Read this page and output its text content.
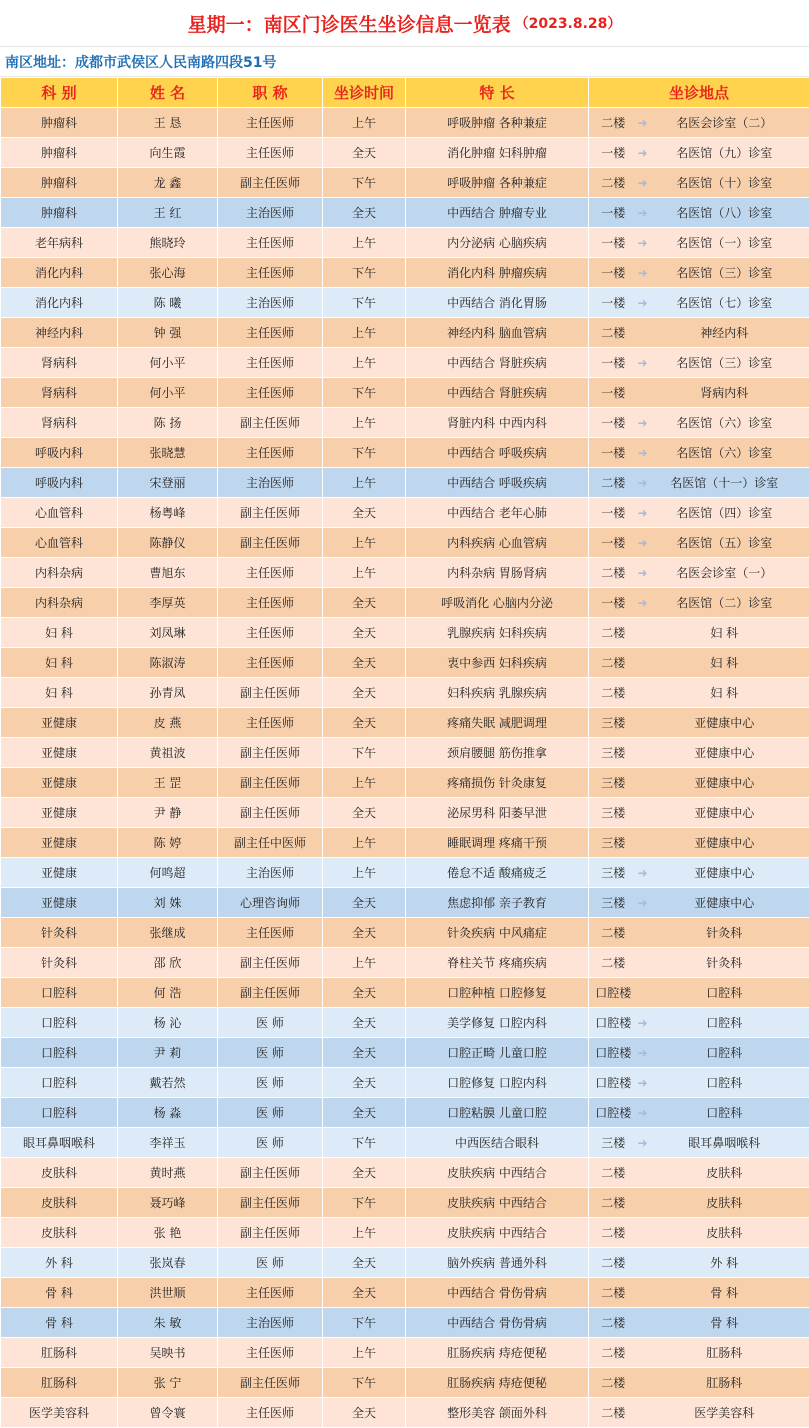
星期一：南区门诊医生坐诊信息一览表 （2023.8.28）
南区地址：成都市武侯区人民南路四段51号
科 别	姓 名	职 称	坐诊时间	特 长	坐诊地点	
肿瘤科	王 恳	主任医师	上午	呼吸肿瘤 各种兼症	二楼	➜ 名医会诊室（二）

肿瘤科	向生霞	主任医师	全天	消化肿瘤 妇科肿瘤	一楼	➜ 名医馆（九）诊室

肿瘤科	龙 鑫	副主任医师	下午	呼吸肿瘤 各种兼症	二楼	➜ 名医馆（十）诊室

肿瘤科	王 红	主治医师	全天	中西结合 肿瘤专业	一楼	➜ 名医馆（八）诊室

老年病科	熊晓玲	主任医师	上午	内分泌病 心脑疾病	一楼	➜ 名医馆（一）诊室

消化内科	张心海	主任医师	下午	消化内科 肿瘤疾病	一楼	➜ 名医馆（三）诊室

消化内科	陈 曦	主治医师	下午	中西结合 消化胃肠	一楼	➜ 名医馆（七）诊室

神经内科	钟 强	主任医师	上午	神经内科 脑血管病	二楼	神经内科

肾病科	何小平	主任医师	上午	中西结合 肾脏疾病	一楼	➜ 名医馆（三）诊室

肾病科	何小平	主任医师	下午	中西结合 肾脏疾病	一楼	肾病内科

肾病科	陈 扬	副主任医师	上午	肾脏内科 中西内科	一楼	➜ 名医馆（六）诊室

呼吸内科	张晓慧	主任医师	下午	中西结合 呼吸疾病	一楼	➜ 名医馆（六）诊室

呼吸内科	宋登丽	主治医师	上午	中西结合 呼吸疾病	二楼	➜ 名医馆（十一）诊室

心血管科	杨粤峰	副主任医师	全天	中西结合 老年心肺	一楼	➜ 名医馆（四）诊室

心血管科	陈静仪	副主任医师	上午	内科疾病 心血管病	一楼	➜ 名医馆（五）诊室

内科杂病	曹旭东	主任医师	上午	内科杂病 胃肠肾病	二楼	➜ 名医会诊室（一）

内科杂病	李厚英	主任医师	全天	呼吸消化 心脑内分泌	一楼	➜ 名医馆（二）诊室

妇 科	刘凤琳	主任医师	全天	乳腺疾病 妇科疾病	二楼	妇 科

妇 科	陈淑涛	主任医师	全天	衷中参西 妇科疾病	二楼	妇 科

妇 科	孙青凤	副主任医师	全天	妇科疾病 乳腺疾病	二楼	妇 科

亚健康	皮 燕	主任医师	全天	疼痛失眠 减肥调理	三楼	亚健康中心

亚健康	黄祖波	副主任医师	下午	颈肩腰腿 筋伤推拿	三楼	亚健康中心

亚健康	王 罡	副主任医师	上午	疼痛损伤 针灸康复	三楼	亚健康中心

亚健康	尹 静	副主任医师	全天	泌尿男科 阳萎早泄	三楼	亚健康中心

亚健康	陈 婷	副主任中医师	上午	睡眠调理 疼痛干预	三楼	亚健康中心

亚健康	何鸣超	主治医师	上午	倦怠不适 酸痛疲乏	三楼	➜ 亚健康中心

亚健康	刘 姝	心理咨询师	全天	焦虑抑郁 亲子教育	三楼	➜ 亚健康中心

针灸科	张继成	主任医师	全天	针灸疾病 中风痛症	二楼	针灸科

针灸科	邵 欣	副主任医师	上午	脊柱关节 疼痛疾病	二楼	针灸科

口腔科	何 浩	副主任医师	全天	口腔种植 口腔修复	口腔楼	口腔科

口腔科	杨 沁	医 师	全天	美学修复 口腔内科	口腔楼	➜ 口腔科

口腔科	尹 莉	医 师	全天	口腔正畸 儿童口腔	口腔楼	➜ 口腔科

口腔科	戴若然	医 师	全天	口腔修复 口腔内科	口腔楼	➜ 口腔科

口腔科	杨 淼	医 师	全天	口腔粘膜 儿童口腔	口腔楼	➜ 口腔科

眼耳鼻咽喉科	李祥玉	医 师	下午	中西医结合眼科	三楼	➜ 眼耳鼻咽喉科

皮肤科	黄时燕	副主任医师	全天	皮肤疾病 中西结合	二楼	皮肤科

皮肤科	聂巧峰	副主任医师	下午	皮肤疾病 中西结合	二楼	皮肤科

皮肤科	张 艳	副主任医师	上午	皮肤疾病 中西结合	二楼	皮肤科

外 科	张岚春	医 师	全天	脑外疾病 普通外科	二楼	外 科

骨 科	洪世顺	主任医师	全天	中西结合 骨伤骨病	二楼	骨 科

骨 科	朱 敏	主治医师	下午	中西结合 骨伤骨病	二楼	骨 科

肛肠科	吴映书	主任医师	上午	肛肠疾病 痔疮便秘	二楼	肛肠科

肛肠科	张 宁	副主任医师	下午	肛肠疾病 痔疮便秘	二楼	肛肠科

医学美容科	曾令寰	主任医师	全天	整形美容 颌面外科	二楼	医学美容科
